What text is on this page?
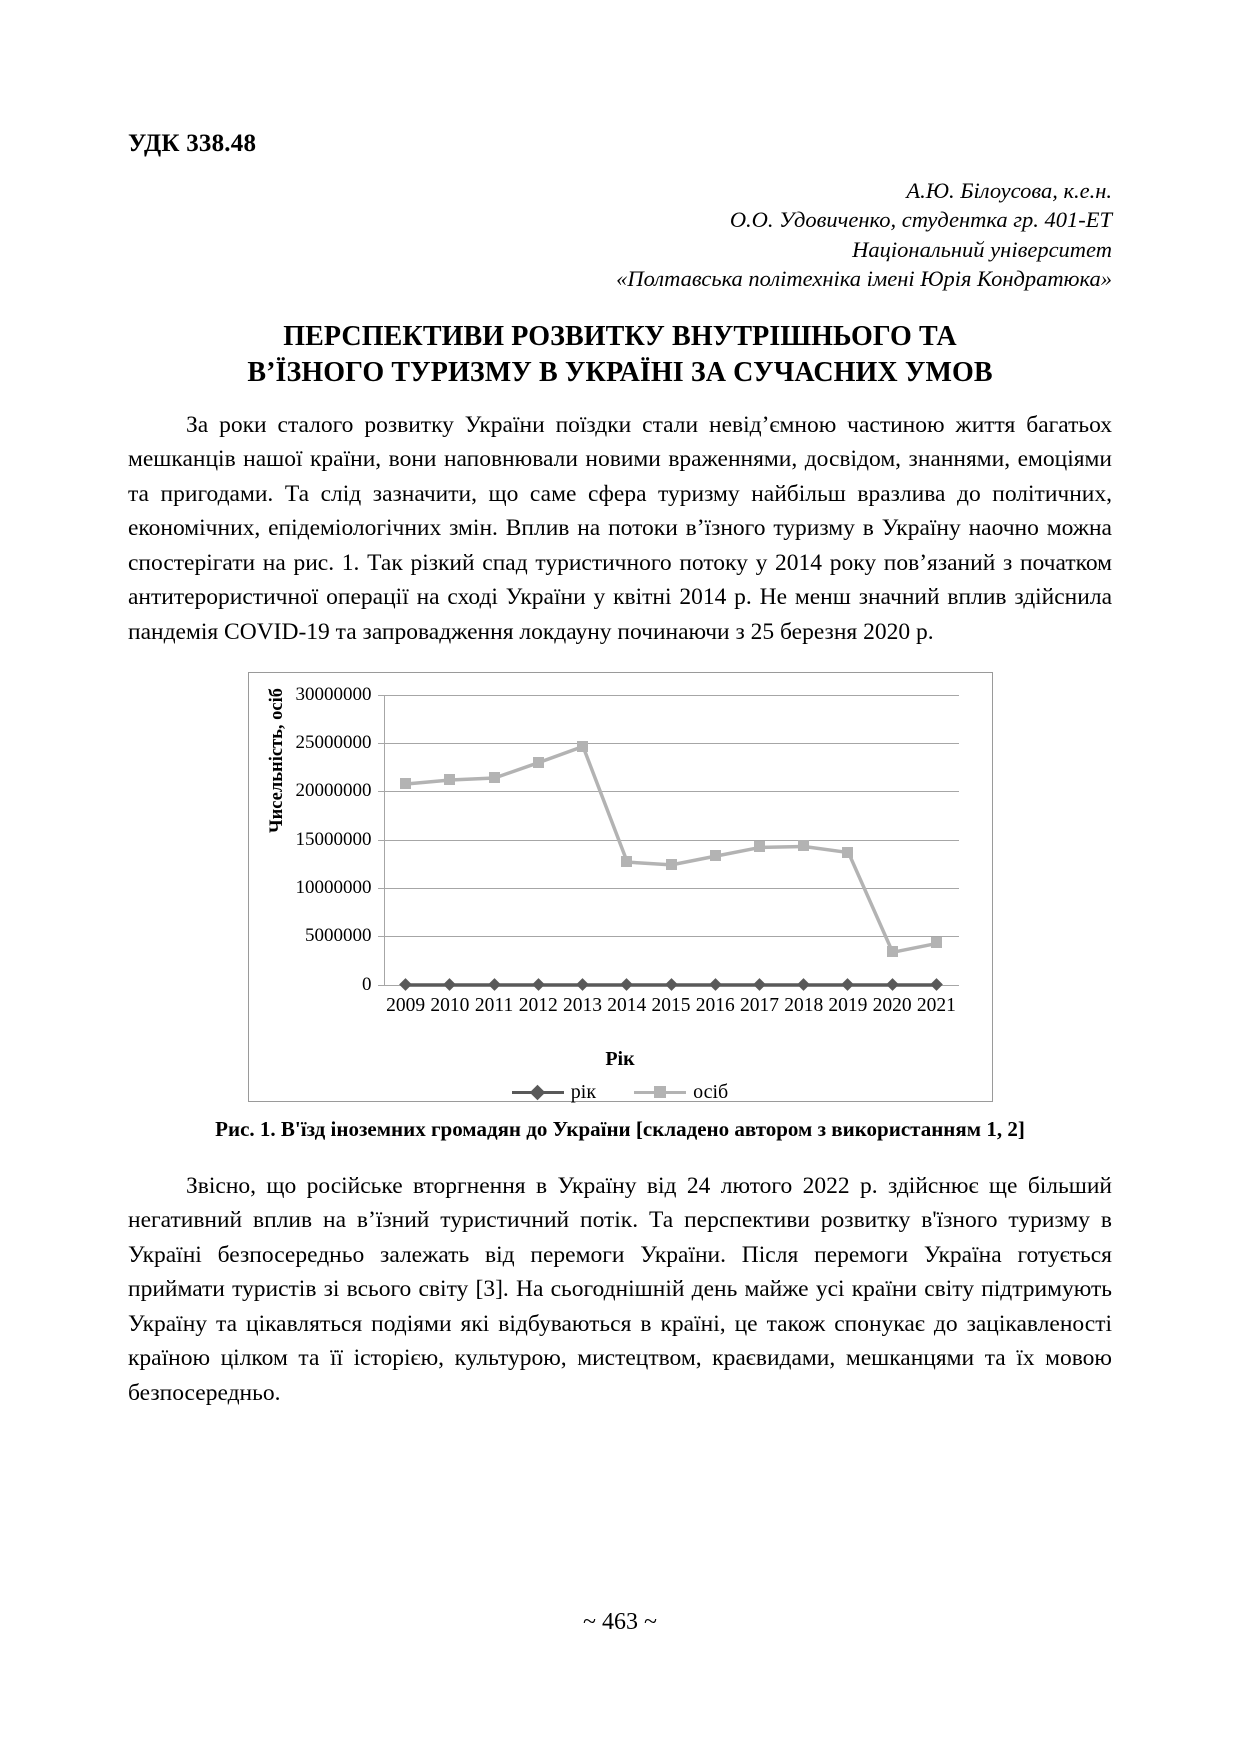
УДК 338.48
А.Ю. Білоусова, к.е.н.
О.О. Удовиченко, студентка гр. 401-ЕТ
Національний університет
«Полтавська політехніка імені Юрія Кондратюка»
ПЕРСПЕКТИВИ РОЗВИТКУ ВНУТРІШНЬОГО ТА
В’ЇЗНОГО ТУРИЗМУ В УКРАЇНІ ЗА СУЧАСНИХ УМОВ

За роки сталого розвитку України поїздки стали невід’ємною частиною життя багатьох мешканців нашої країни, вони наповнювали новими враженнями, досвідом, знаннями, емоціями та пригодами. Та слід зазначити, що саме сфера туризму найбільш вразлива до політичних, економічних, епідеміологічних змін. Вплив на потоки в’їзного туризму в Україну наочно можна спостерігати на рис. 1. Так різкий спад туристичного потоку у 2014 року пов’язаний з початком антитерористичної операції на сході України у квітні 2014 р. Не менш значний вплив здійснила пандемія COVID-19 та запровадження локдауну починаючи з 25 березня 2020 р.

Чисельність, осіб
0
5000000
10000000
15000000
20000000
25000000
30000000
2009 2010 2011 2012 2013 2014 2015 2016 2017 2018 2019 2020 2021
Рік
рік	осіб
Рис. 1. В'їзд іноземних громадян до України [складено автором з використанням 1, 2]

Звісно, що російське вторгнення в Україну від 24 лютого 2022 р. здійснює ще більший негативний вплив на в’їзний туристичний потік. Та перспективи розвитку в'їзного туризму в Україні безпосередньо залежать від перемоги України. Після перемоги Україна готується приймати туристів зі всього світу [3]. На сьогоднішній день майже усі країни світу підтримують Україну та цікавляться подіями які відбуваються в країні, це також спонукає до зацікавленості країною цілком та її історією, культурою, мистецтвом, краєвидами, мешканцями та їх мовою безпосередньо.

~ 463 ~
